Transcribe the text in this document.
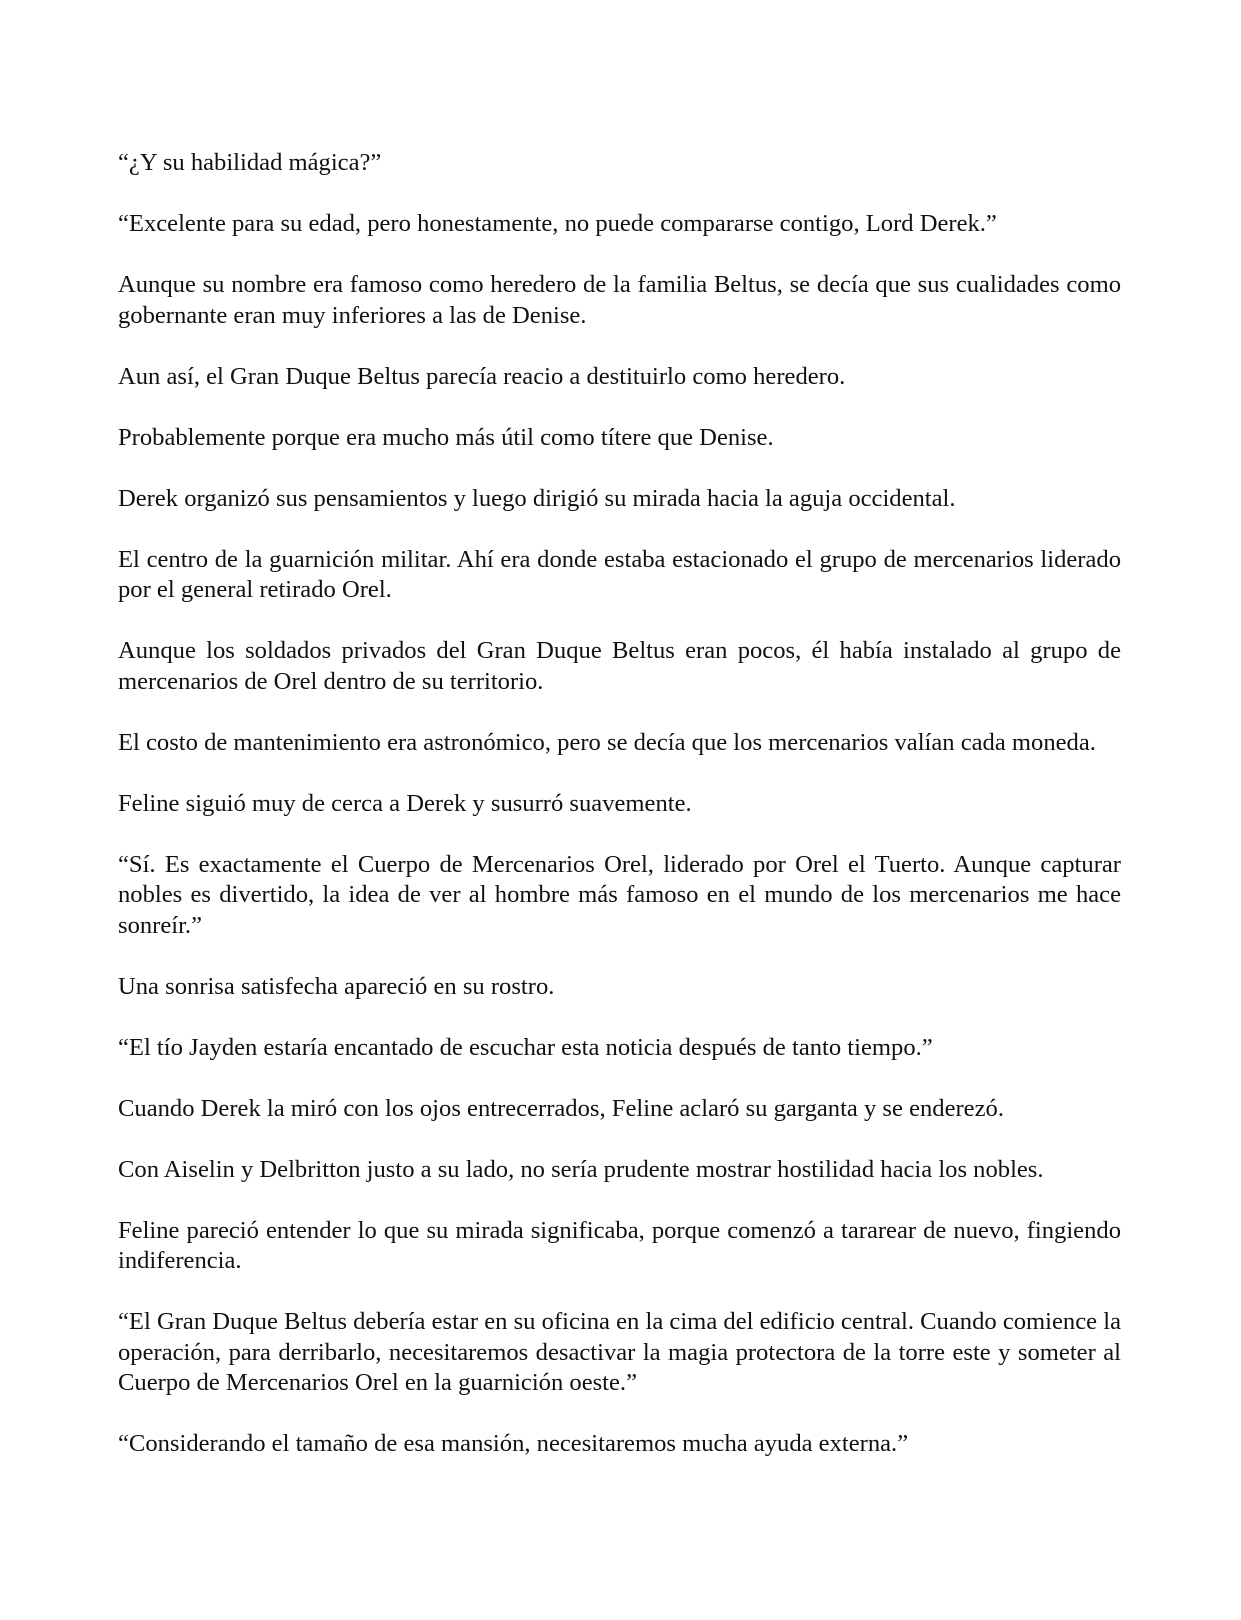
“¿Y su habilidad mágica?”

“Excelente para su edad, pero honestamente, no puede compararse contigo, Lord Derek.”

Aunque su nombre era famoso como heredero de la familia Beltus, se decía que sus cualidades como gobernante eran muy inferiores a las de Denise.

Aun así, el Gran Duque Beltus parecía reacio a destituirlo como heredero.

Probablemente porque era mucho más útil como títere que Denise.

Derek organizó sus pensamientos y luego dirigió su mirada hacia la aguja occidental.

El centro de la guarnición militar. Ahí era donde estaba estacionado el grupo de mercenarios liderado por el general retirado Orel.

Aunque los soldados privados del Gran Duque Beltus eran pocos, él había instalado al grupo de mercenarios de Orel dentro de su territorio.

El costo de mantenimiento era astronómico, pero se decía que los mercenarios valían cada moneda.

Feline siguió muy de cerca a Derek y susurró suavemente.

“Sí. Es exactamente el Cuerpo de Mercenarios Orel, liderado por Orel el Tuerto. Aunque capturar nobles es divertido, la idea de ver al hombre más famoso en el mundo de los mercenarios me hace sonreír.”

Una sonrisa satisfecha apareció en su rostro.

“El tío Jayden estaría encantado de escuchar esta noticia después de tanto tiempo.”

Cuando Derek la miró con los ojos entrecerrados, Feline aclaró su garganta y se enderezó.

Con Aiselin y Delbritton justo a su lado, no sería prudente mostrar hostilidad hacia los nobles.

Feline pareció entender lo que su mirada significaba, porque comenzó a tararear de nuevo, fingiendo indiferencia.

“El Gran Duque Beltus debería estar en su oficina en la cima del edificio central. Cuando comience la operación, para derribarlo, necesitaremos desactivar la magia protectora de la torre este y someter al Cuerpo de Mercenarios Orel en la guarnición oeste.”

“Considerando el tamaño de esa mansión, necesitaremos mucha ayuda externa.”
